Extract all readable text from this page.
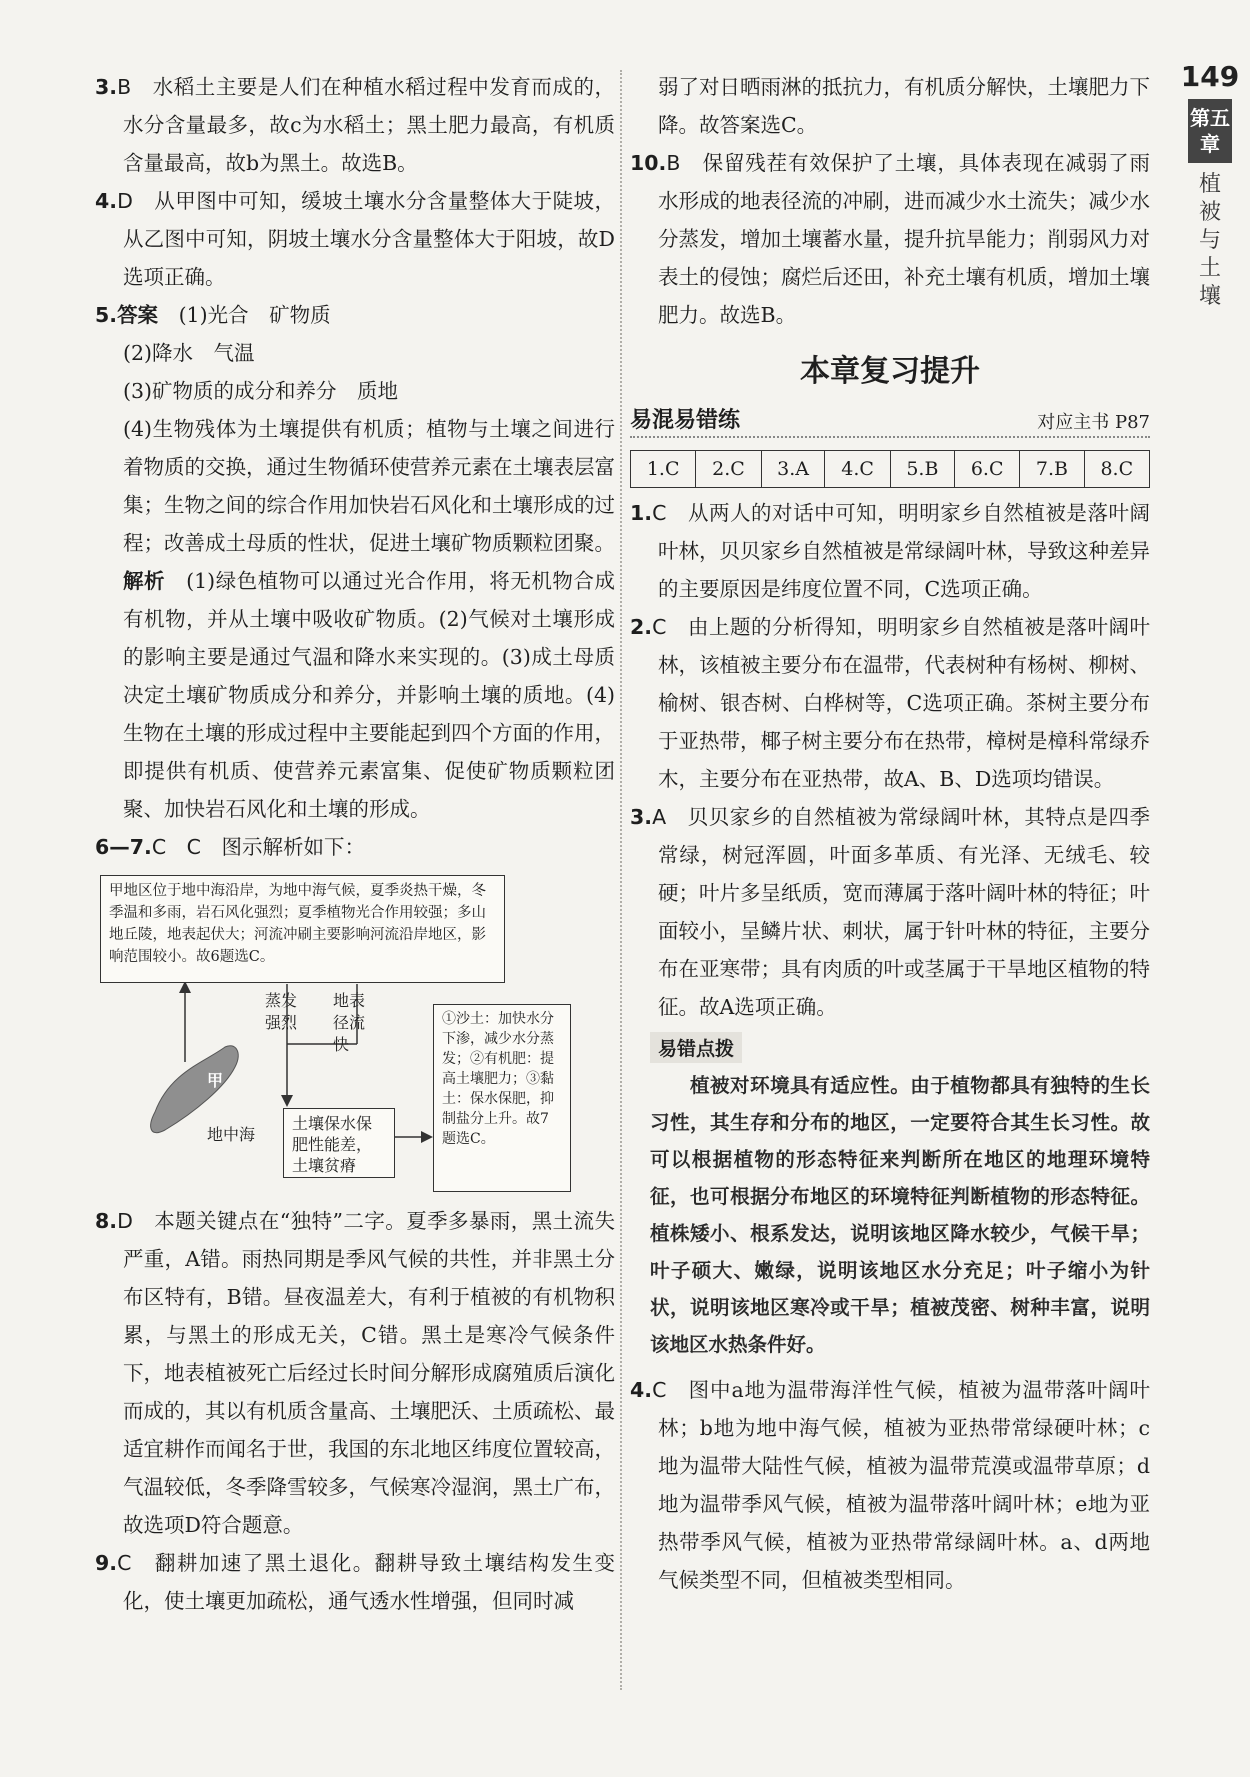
149
第五章
植被与土壤

3.B　 水稻土主要是人们在种植水稻过程中发育而成的，水分含量最多，故c为水稻土；黑土肥力最高，有机质含量最高，故b为黑土。故选B。

4.D　 从甲图中可知，缓坡土壤水分含量整体大于陡坡，从乙图中可知，阴坡土壤水分含量整体大于阳坡，故D选项正确。

5.答案　 (1)光合　矿物质

(2)降水　气温

(3)矿物质的成分和养分　质地

(4)生物残体为土壤提供有机质；植物与土壤之间进行着物质的交换，通过生物循环使营养元素在土壤表层富集；生物之间的综合作用加快岩石风化和土壤形成的过程；改善成土母质的性状，促进土壤矿物质颗粒团聚。

解析　 (1)绿色植物可以通过光合作用，将无机物合成有机物，并从土壤中吸收矿物质。(2)气候对土壤形成的影响主要是通过气温和降水来实现的。(3)成土母质决定土壤矿物质成分和养分，并影响土壤的质地。(4)生物在土壤的形成过程中主要能起到四个方面的作用，即提供有机质、使营养元素富集、促使矿物质颗粒团聚、加快岩石风化和土壤的形成。

6—7.C　C　 图示解析如下：

甲地区位于地中海沿岸，为地中海气候，夏季炎热干燥，冬季温和多雨，岩石风化强烈；夏季植物光合作用较强；多山地丘陵，地表起伏大；河流冲刷主要影响河流沿岸地区，影响范围较小。故6题选C。
蒸发强烈
地表径流快
甲
地中海
土壤保水保肥性能差，土壤贫瘠
①沙土：加快水分下渗，减少水分蒸发；②有机肥：提高土壤肥力；③黏土：保水保肥，抑制盐分上升。故7题选C。

8.D　 本题关键点在“独特”二字。夏季多暴雨，黑土流失严重，A错。雨热同期是季风气候的共性，并非黑土分布区特有，B错。昼夜温差大，有利于植被的有机物积累，与黑土的形成无关，C错。黑土是寒冷气候条件下，地表植被死亡后经过长时间分解形成腐殖质后演化而成的，其以有机质含量高、土壤肥沃、土质疏松、最适宜耕作而闻名于世，我国的东北地区纬度位置较高，气温较低，冬季降雪较多，气候寒冷湿润，黑土广布，故选项D符合题意。

9.C　 翻耕加速了黑土退化。翻耕导致土壤结构发生变化，使土壤更加疏松，通气透水性增强，但同时减

弱了对日晒雨淋的抵抗力，有机质分解快，土壤肥力下降。故答案选C。

10.B　 保留残茬有效保护了土壤，具体表现在减弱了雨水形成的地表径流的冲刷，进而减少水土流失；减少水分蒸发，增加土壤蓄水量，提升抗旱能力；削弱风力对表土的侵蚀；腐烂后还田，补充土壤有机质，增加土壤肥力。故选B。

本章复习提升
易混易错练	对应主书 P87
1.C	2.C	3.A	4.C	5.B	6.C	7.B	8.C

1.C　 从两人的对话中可知，明明家乡自然植被是落叶阔叶林，贝贝家乡自然植被是常绿阔叶林，导致这种差异的主要原因是纬度位置不同，C选项正确。

2.C　 由上题的分析得知，明明家乡自然植被是落叶阔叶林，该植被主要分布在温带，代表树种有杨树、柳树、榆树、银杏树、白桦树等，C选项正确。茶树主要分布于亚热带，椰子树主要分布在热带，樟树是樟科常绿乔木，主要分布在亚热带，故A、B、D选项均错误。

3.A　 贝贝家乡的自然植被为常绿阔叶林，其特点是四季常绿，树冠浑圆，叶面多革质、有光泽、无绒毛、较硬；叶片多呈纸质，宽而薄属于落叶阔叶林的特征；叶面较小，呈鳞片状、刺状，属于针叶林的特征，主要分布在亚寒带；具有肉质的叶或茎属于干旱地区植物的特征。故A选项正确。

易错点拨

植被对环境具有适应性。由于植物都具有独特的生长习性，其生存和分布的地区，一定要符合其生长习性。故可以根据植物的形态特征来判断所在地区的地理环境特征，也可根据分布地区的环境特征判断植物的形态特征。植株矮小、根系发达，说明该地区降水较少，气候干旱；叶子硕大、嫩绿，说明该地区水分充足；叶子缩小为针状，说明该地区寒冷或干旱；植被茂密、树种丰富，说明该地区水热条件好。

4.C　 图中a地为温带海洋性气候，植被为温带落叶阔叶林；b地为地中海气候，植被为亚热带常绿硬叶林；c地为温带大陆性气候，植被为温带荒漠或温带草原；d地为温带季风气候，植被为温带落叶阔叶林；e地为亚热带季风气候，植被为亚热带常绿阔叶林。a、d两地气候类型不同，但植被类型相同。
